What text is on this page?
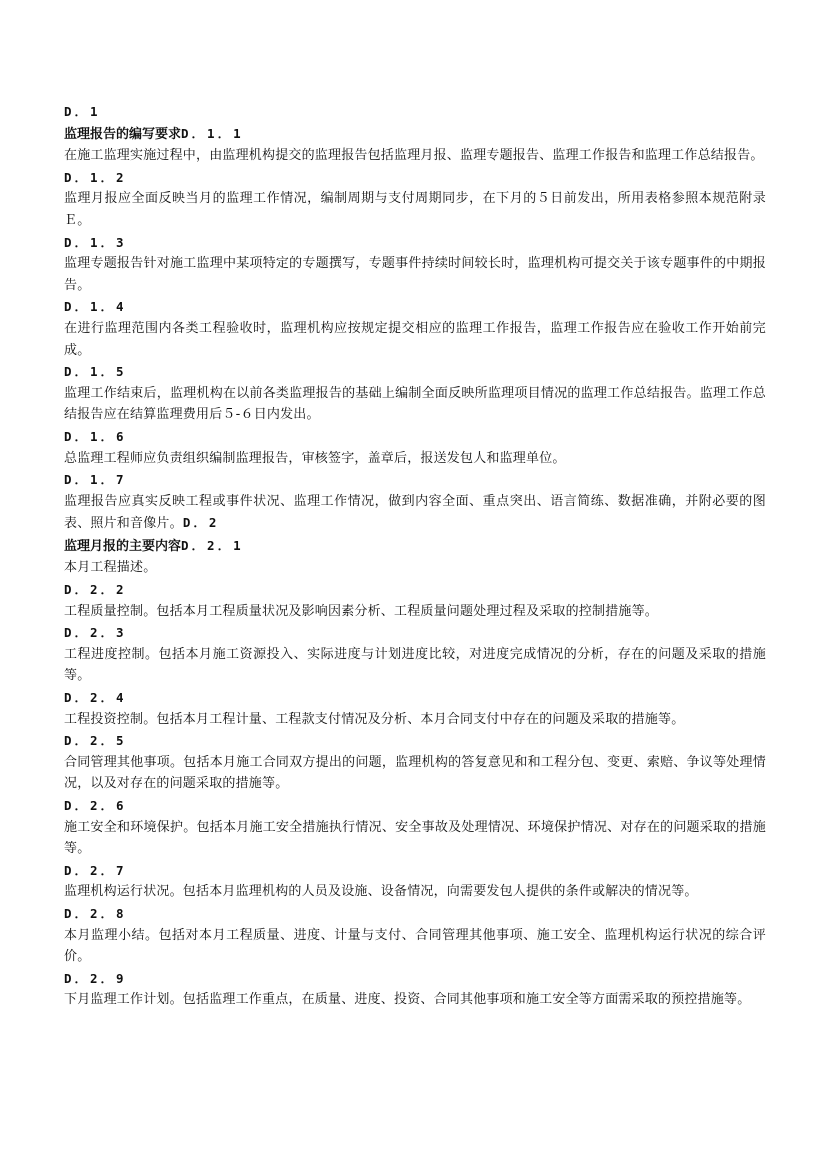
D．1
监理报告的编写要求D．1．1
在施工监理实施过程中，由监理机构提交的监理报告包括监理月报、监理专题报告、监理工作报告和监理工作总结报告。
D．1．2
监理月报应全面反映当月的监理工作情况，编制周期与支付周期同步，在下月的５日前发出，所用表格参照本规范附录Ｅ。
D．1．3
监理专题报告针对施工监理中某项特定的专题撰写，专题事件持续时间较长时，监理机构可提交关于该专题事件的中期报告。
D．1．4
在进行监理范围内各类工程验收时，监理机构应按规定提交相应的监理工作报告，监理工作报告应在验收工作开始前完成。
D．1．5
监理工作结束后，监理机构在以前各类监理报告的基础上编制全面反映所监理项目情况的监理工作总结报告。监理工作总结报告应在结算监理费用后５-６日内发出。
D．1．6
总监理工程师应负责组织编制监理报告，审核签字，盖章后，报送发包人和监理单位。
D．1．7
监理报告应真实反映工程或事件状况、监理工作情况，做到内容全面、重点突出、语言简练、数据准确，并附必要的图表、照片和音像片。D．2
监理月报的主要内容D．2．1
本月工程描述。
D．2．2
工程质量控制。包括本月工程质量状况及影响因素分析、工程质量问题处理过程及采取的控制措施等。
D．2．3
工程进度控制。包括本月施工资源投入、实际进度与计划进度比较，对进度完成情况的分析，存在的问题及采取的措施等。
D．2．4
工程投资控制。包括本月工程计量、工程款支付情况及分析、本月合同支付中存在的问题及采取的措施等。
D．2．5
合同管理其他事项。包括本月施工合同双方提出的问题，监理机构的答复意见和和工程分包、变更、索赔、争议等处理情况，以及对存在的问题采取的措施等。
D．2．6
施工安全和环境保护。包括本月施工安全措施执行情况、安全事故及处理情况、环境保护情况、对存在的问题采取的措施等。
D．2．7
监理机构运行状况。包括本月监理机构的人员及设施、设备情况，向需要发包人提供的条件或解决的情况等。
D．2．8
本月监理小结。包括对本月工程质量、进度、计量与支付、合同管理其他事项、施工安全、监理机构运行状况的综合评价。
D．2．9
下月监理工作计划。包括监理工作重点，在质量、进度、投资、合同其他事项和施工安全等方面需采取的预控措施等。
